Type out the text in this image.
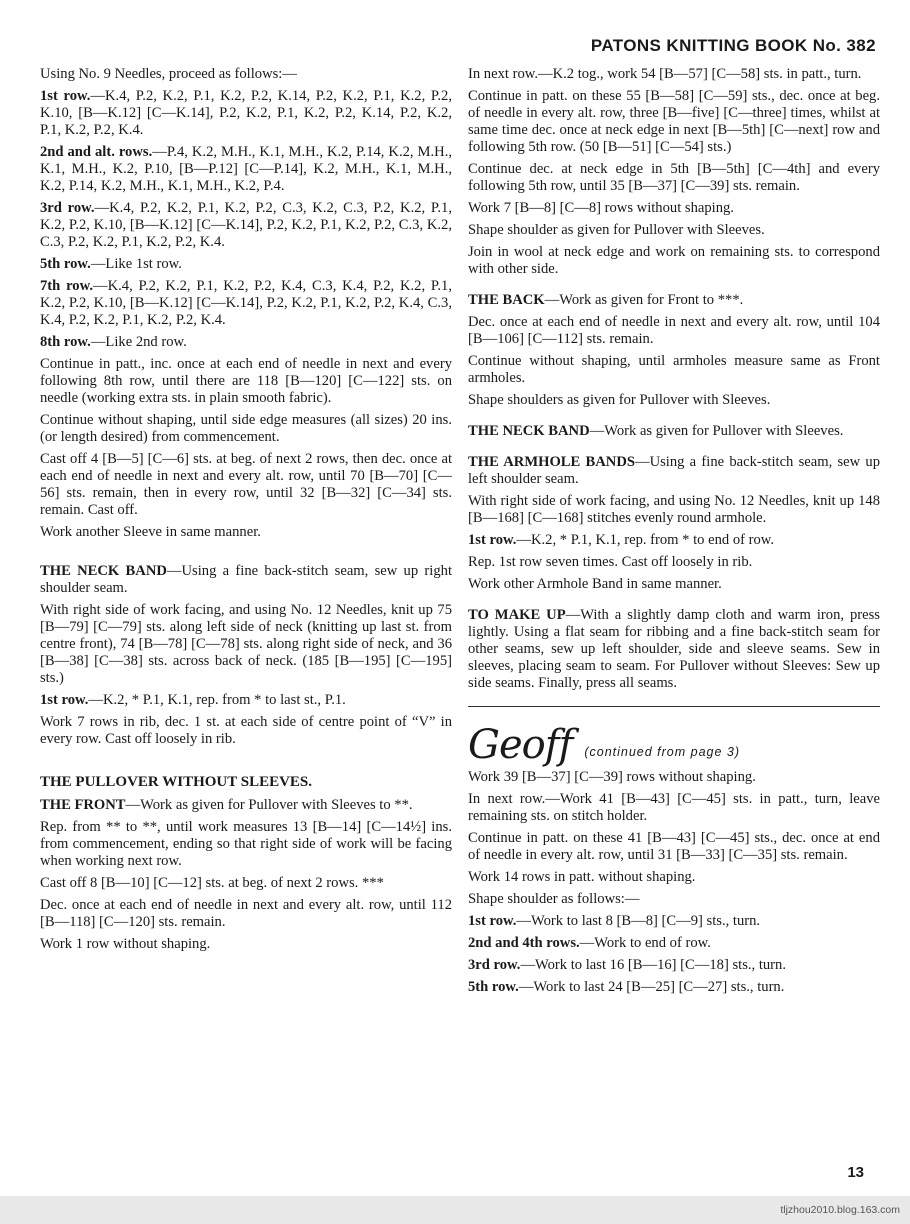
PATONS KNITTING BOOK No. 382

Using No. 9 Needles, proceed as follows:—

1st row.—K.4, P.2, K.2, P.1, K.2, P.2, K.14, P.2, K.2, P.1, K.2, P.2, K.10, [B—K.12] [C—K.14], P.2, K.2, P.1, K.2, P.2, K.14, P.2, K.2, P.1, K.2, P.2, K.4.

2nd and alt. rows.—P.4, K.2, M.H., K.1, M.H., K.2, P.14, K.2, M.H., K.1, M.H., K.2, P.10, [B—P.12] [C—P.14], K.2, M.H., K.1, M.H., K.2, P.14, K.2, M.H., K.1, M.H., K.2, P.4.

3rd row.—K.4, P.2, K.2, P.1, K.2, P.2, C.3, K.2, C.3, P.2, K.2, P.1, K.2, P.2, K.10, [B—K.12] [C—K.14], P.2, K.2, P.1, K.2, P.2, C.3, K.2, C.3, P.2, K.2, P.1, K.2, P.2, K.4.

5th row.—Like 1st row.

7th row.—K.4, P.2, K.2, P.1, K.2, P.2, K.4, C.3, K.4, P.2, K.2, P.1, K.2, P.2, K.10, [B—K.12] [C—K.14], P.2, K.2, P.1, K.2, P.2, K.4, C.3, K.4, P.2, K.2, P.1, K.2, P.2, K.4.

8th row.—Like 2nd row.

Continue in patt., inc. once at each end of needle in next and every following 8th row, until there are 118 [B—120] [C—122] sts. on needle (working extra sts. in plain smooth fabric).

Continue without shaping, until side edge measures (all sizes) 20 ins. (or length desired) from commencement.

Cast off 4 [B—5] [C—6] sts. at beg. of next 2 rows, then dec. once at each end of needle in next and every alt. row, until 70 [B—70] [C—56] sts. remain, then in every row, until 32 [B—32] [C—34] sts. remain. Cast off.

Work another Sleeve in same manner.

THE NECK BAND—Using a fine back-stitch seam, sew up right shoulder seam.

With right side of work facing, and using No. 12 Needles, knit up 75 [B—79] [C—79] sts. along left side of neck (knitting up last st. from centre front), 74 [B—78] [C—78] sts. along right side of neck, and 36 [B—38] [C—38] sts. across back of neck. (185 [B—195] [C—195] sts.)

1st row.—K.2, * P.1, K.1, rep. from * to last st., P.1.

Work 7 rows in rib, dec. 1 st. at each side of centre point of “V” in every row. Cast off loosely in rib.

THE PULLOVER WITHOUT SLEEVES.

THE FRONT—Work as given for Pullover with Sleeves to **.

Rep. from ** to **, until work measures 13 [B—14] [C—14½] ins. from commencement, ending so that right side of work will be facing when working next row.

Cast off 8 [B—10] [C—12] sts. at beg. of next 2 rows. ***

Dec. once at each end of needle in next and every alt. row, until 112 [B—118] [C—120] sts. remain.

Work 1 row without shaping.

In next row.—K.2 tog., work 54 [B—57] [C—58] sts. in patt., turn.

Continue in patt. on these 55 [B—58] [C—59] sts., dec. once at beg. of needle in every alt. row, three [B—five] [C—three] times, whilst at same time dec. once at neck edge in next [B—5th] [C—next] row and following 5th row. (50 [B—51] [C—54] sts.)

Continue dec. at neck edge in 5th [B—5th] [C—4th] and every following 5th row, until 35 [B—37] [C—39] sts. remain.

Work 7 [B—8] [C—8] rows without shaping.

Shape shoulder as given for Pullover with Sleeves.

Join in wool at neck edge and work on remaining sts. to correspond with other side.

THE BACK—Work as given for Front to ***.

Dec. once at each end of needle in next and every alt. row, until 104 [B—106] [C—112] sts. remain.

Continue without shaping, until armholes measure same as Front armholes.

Shape shoulders as given for Pullover with Sleeves.

THE NECK BAND—Work as given for Pullover with Sleeves.

THE ARMHOLE BANDS—Using a fine back-stitch seam, sew up left shoulder seam.

With right side of work facing, and using No. 12 Needles, knit up 148 [B—168] [C—168] stitches evenly round armhole.

1st row.—K.2, * P.1, K.1, rep. from * to end of row.

Rep. 1st row seven times. Cast off loosely in rib.

Work other Armhole Band in same manner.

TO MAKE UP—With a slightly damp cloth and warm iron, press lightly. Using a flat seam for ribbing and a fine back-stitch seam for other seams, sew up left shoulder, side and sleeve seams. Sew in sleeves, placing seam to seam. For Pullover without Sleeves: Sew up side seams. Finally, press all seams.

Geoff (continued from page 3)

Work 39 [B—37] [C—39] rows without shaping.

In next row.—Work 41 [B—43] [C—45] sts. in patt., turn, leave remaining sts. on stitch holder.

Continue in patt. on these 41 [B—43] [C—45] sts., dec. once at end of needle in every alt. row, until 31 [B—33] [C—35] sts. remain.

Work 14 rows in patt. without shaping.

Shape shoulder as follows:—

1st row.—Work to last 8 [B—8] [C—9] sts., turn.

2nd and 4th rows.—Work to end of row.

3rd row.—Work to last 16 [B—16] [C—18] sts., turn.

5th row.—Work to last 24 [B—25] [C—27] sts., turn.

13
tljzhou2010.blog.163.com
